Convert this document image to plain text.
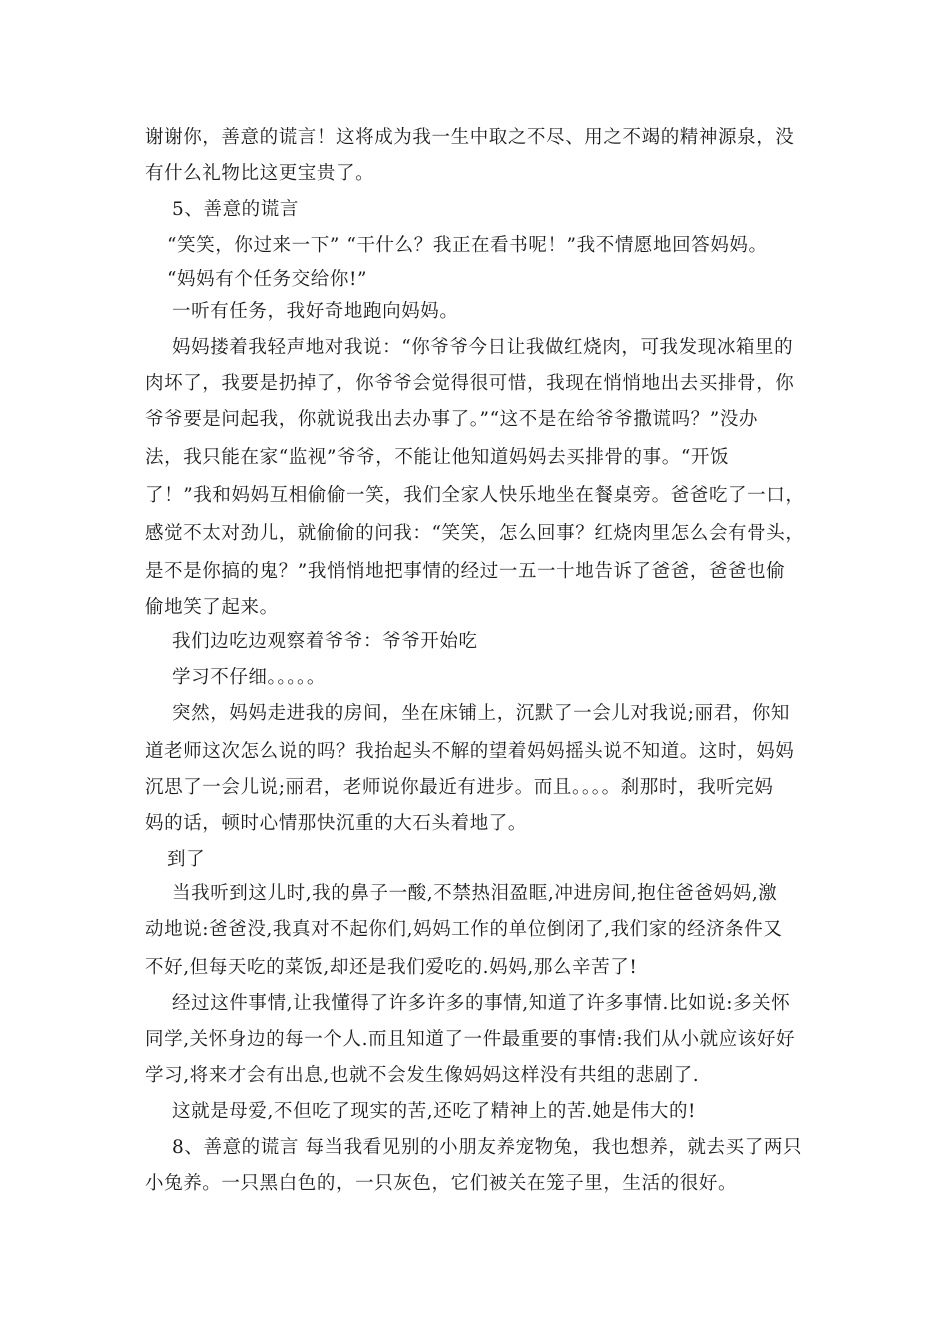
谢谢你，善意的谎言！这将成为我一生中取之不尽、用之不竭的精神源泉，没
有什么礼物比这更宝贵了。
5、善意的谎言
“笑笑，你过来一下” “干什么？我正在看书呢！”我不情愿地回答妈妈。
“妈妈有个任务交给你!”
一听有任务，我好奇地跑向妈妈。
妈妈搂着我轻声地对我说：“你爷爷今日让我做红烧肉，可我发现冰箱里的
肉坏了，我要是扔掉了，你爷爷会觉得很可惜，我现在悄悄地出去买排骨，你
爷爷要是问起我，你就说我出去办事了。”“这不是在给爷爷撒谎吗？”没办
法，我只能在家“监视”爷爷，不能让他知道妈妈去买排骨的事。“开饭
了！”我和妈妈互相偷偷一笑，我们全家人快乐地坐在餐桌旁。爸爸吃了一口，
感觉不太对劲儿，就偷偷的问我：“笑笑，怎么回事？红烧肉里怎么会有骨头，
是不是你搞的鬼？”我悄悄地把事情的经过一五一十地告诉了爸爸，爸爸也偷
偷地笑了起来。
我们边吃边观察着爷爷：爷爷开始吃
学习不仔细。。。。。
突然，妈妈走进我的房间，坐在床铺上，沉默了一会儿对我说;丽君，你知
道老师这次怎么说的吗？我抬起头不解的望着妈妈摇头说不知道。这时，妈妈
沉思了一会儿说;丽君，老师说你最近有进步。而且。。。。刹那时，我听完妈
妈的话，顿时心情那快沉重的大石头着地了。
到了
当我听到这儿时,我的鼻子一酸,不禁热泪盈眶,冲进房间,抱住爸爸妈妈,激
动地说:爸爸没,我真对不起你们,妈妈工作的单位倒闭了,我们家的经济条件又
不好,但每天吃的菜饭,却还是我们爱吃的.妈妈,那么辛苦了!
经过这件事情,让我懂得了许多许多的事情,知道了许多事情.比如说:多关怀
同学,关怀身边的每一个人.而且知道了一件最重要的事情:我们从小就应该好好
学习,将来才会有出息,也就不会发生像妈妈这样没有共组的悲剧了.
这就是母爱,不但吃了现实的苦,还吃了精神上的苦.她是伟大的!
8、善意的谎言 每当我看见别的小朋友养宠物兔，我也想养，就去买了两只
小兔养。一只黑白色的，一只灰色，它们被关在笼子里，生活的很好。
